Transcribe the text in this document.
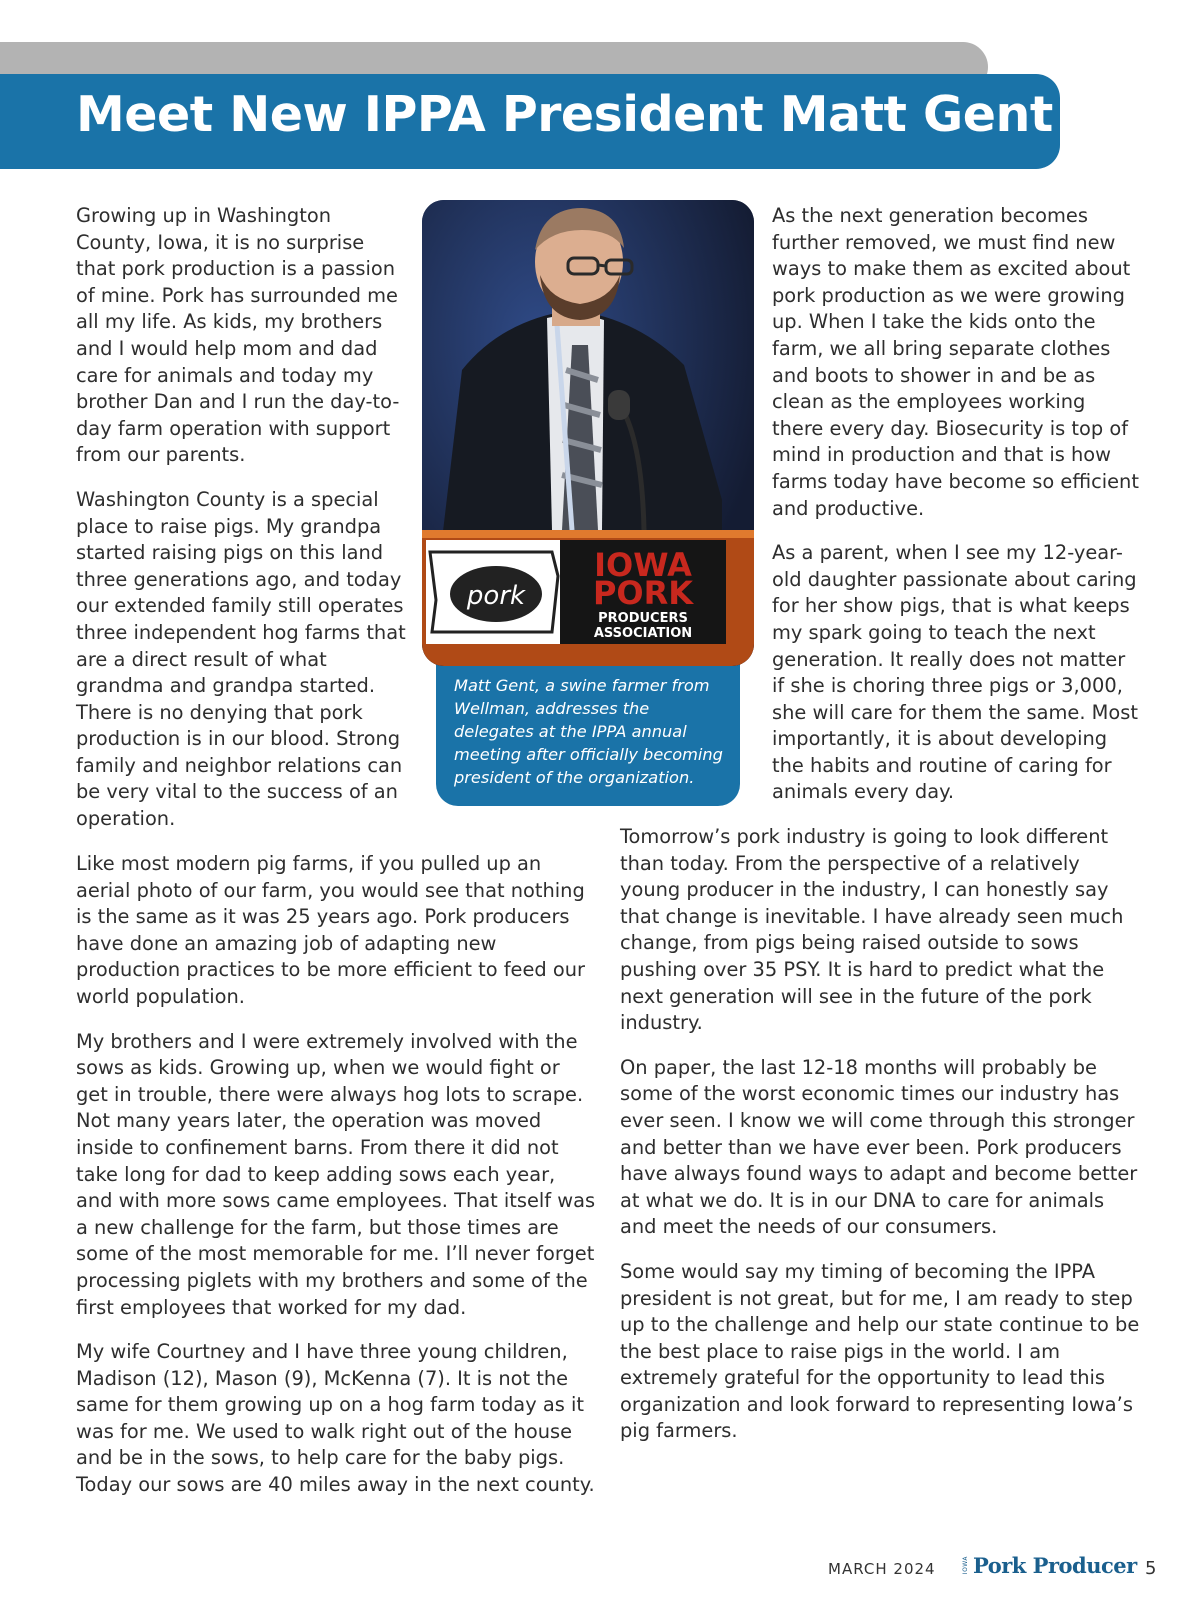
Meet New IPPA President Matt Gent

Growing up in Washington County, Iowa, it is no surprise that pork production is a passion of mine. Pork has surrounded me all my life. As kids, my brothers and I would help mom and dad care for animals and today my brother Dan and I run the day-to-day farm operation with support from our parents.

Washington County is a special place to raise pigs. My grandpa started raising pigs on this land three generations ago, and today our extended family still operates three independent hog farms that are a direct result of what grandma and grandpa started. There is no denying that pork production is in our blood. Strong family and neighbor relations can be very vital to the success of an operation.

Like most modern pig farms, if you pulled up an aerial photo of our farm, you would see that nothing is the same as it was 25 years ago. Pork producers have done an amazing job of adapting new production practices to be more efficient to feed our world population.

My brothers and I were extremely involved with the sows as kids. Growing up, when we would fight or get in trouble, there were always hog lots to scrape. Not many years later, the operation was moved inside to confinement barns. From there it did not take long for dad to keep adding sows each year, and with more sows came employees. That itself was a new challenge for the farm, but those times are some of the most memorable for me. I’ll never forget processing piglets with my brothers and some of the first employees that worked for my dad.

My wife Courtney and I have three young children, Madison (12), Mason (9), McKenna (7). It is not the same for them growing up on a hog farm today as it was for me. We used to walk right out of the house and be in the sows, to help care for the baby pigs. Today our sows are 40 miles away in the next county.

As the next generation becomes further removed, we must find new ways to make them as excited about pork production as we were growing up. When I take the kids onto the farm, we all bring separate clothes and boots to shower in and be as clean as the employees working there every day. Biosecurity is top of mind in production and that is how farms today have become so efficient and productive.

As a parent, when I see my 12-year-old daughter passionate about caring for her show pigs, that is what keeps my spark going to teach the next generation. It really does not matter if she is choring three pigs or 3,000, she will care for them the same. Most importantly, it is about developing the habits and routine of caring for animals every day.

Tomorrow’s pork industry is going to look different than today. From the perspective of a relatively young producer in the industry, I can honestly say that change is inevitable. I have already seen much change, from pigs being raised outside to sows pushing over 35 PSY. It is hard to predict what the next generation will see in the future of the pork industry.

On paper, the last 12-18 months will probably be some of the worst economic times our industry has ever seen. I know we will come through this stronger and better than we have ever been. Pork producers have always found ways to adapt and become better at what we do. It is in our DNA to care for animals and meet the needs of our consumers.

Some would say my timing of becoming the IPPA president is not great, but for me, I am ready to step up to the challenge and help our state continue to be the best place to raise pigs in the world. I am extremely grateful for the opportunity to lead this organization and look forward to representing Iowa’s pig farmers.

Matt Gent, a swine farmer from Wellman, addresses the delegates at the IPPA annual meeting after officially becoming president of the organization.

pork
IOWA
PORK
PRODUCERS
ASSOCIATION
MARCH 2024	IOWA Pork Producer 5
